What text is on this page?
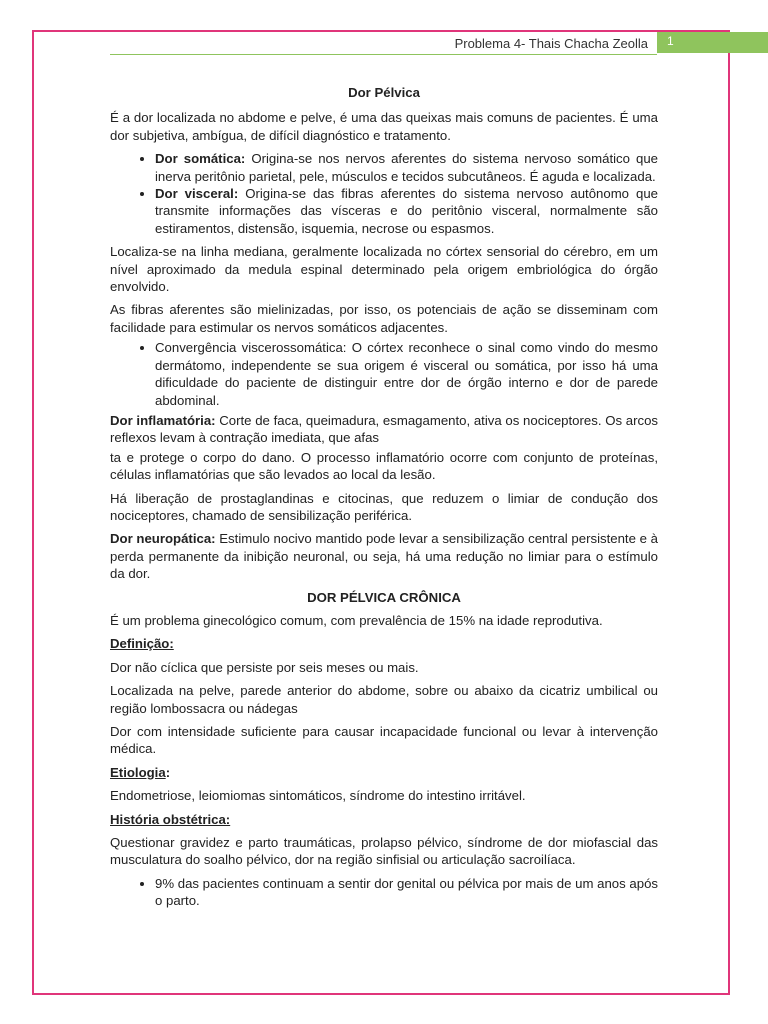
Problema 4- Thais Chacha Zeolla	1
Dor Pélvica

É a dor localizada no abdome e pelve, é uma das queixas mais comuns de pacientes. É uma dor subjetiva, ambígua, de difícil diagnóstico e tratamento.

• Dor somática: Origina-se nos nervos aferentes do sistema nervoso somático que inerva peritônio parietal, pele, músculos e tecidos subcutâneos. É aguda e localizada.
• Dor visceral: Origina-se das fibras aferentes do sistema nervoso autônomo que transmite informações das vísceras e do peritônio visceral, normalmente são estiramentos, distensão, isquemia, necrose ou espasmos.

Localiza-se na linha mediana, geralmente localizada no córtex sensorial do cérebro, em um nível aproximado da medula espinal determinado pela origem embriológica do órgão envolvido.

As fibras aferentes são mielinizadas, por isso, os potenciais de ação se disseminam com facilidade para estimular os nervos somáticos adjacentes.

• Convergência viscerossomática: O córtex reconhece o sinal como vindo do mesmo dermátomo, independente se sua origem é visceral ou somática, por isso há uma dificuldade do paciente de distinguir entre dor de órgão interno e dor de parede abdominal.

Dor inflamatória: Corte de faca, queimadura, esmagamento, ativa os nociceptores. Os arcos reflexos levam à contração imediata, que afas

ta e protege o corpo do dano. O processo inflamatório ocorre com conjunto de proteínas, células inflamatórias que são levados ao local da lesão.

Há liberação de prostaglandinas e citocinas, que reduzem o limiar de condução dos nociceptores, chamado de sensibilização periférica.

Dor neuropática: Estimulo nocivo mantido pode levar a sensibilização central persistente e à perda permanente da inibição neuronal, ou seja, há uma redução no limiar para o estímulo da dor.

DOR PÉLVICA CRÔNICA

É um problema ginecológico comum, com prevalência de 15% na idade reprodutiva.

Definição:

Dor não cíclica que persiste por seis meses ou mais.

Localizada na pelve, parede anterior do abdome, sobre ou abaixo da cicatriz umbilical ou região lombossacra ou nádegas

Dor com intensidade suficiente para causar incapacidade funcional ou levar à intervenção médica.

Etiologia:

Endometriose, leiomiomas sintomáticos, síndrome do intestino irritável.

História obstétrica:

Questionar gravidez e parto traumáticas, prolapso pélvico, síndrome de dor miofascial das musculatura do soalho pélvico, dor na região sinfisial ou articulação sacroilíaca.

• 9% das pacientes continuam a sentir dor genital ou pélvica por mais de um anos após o parto.
